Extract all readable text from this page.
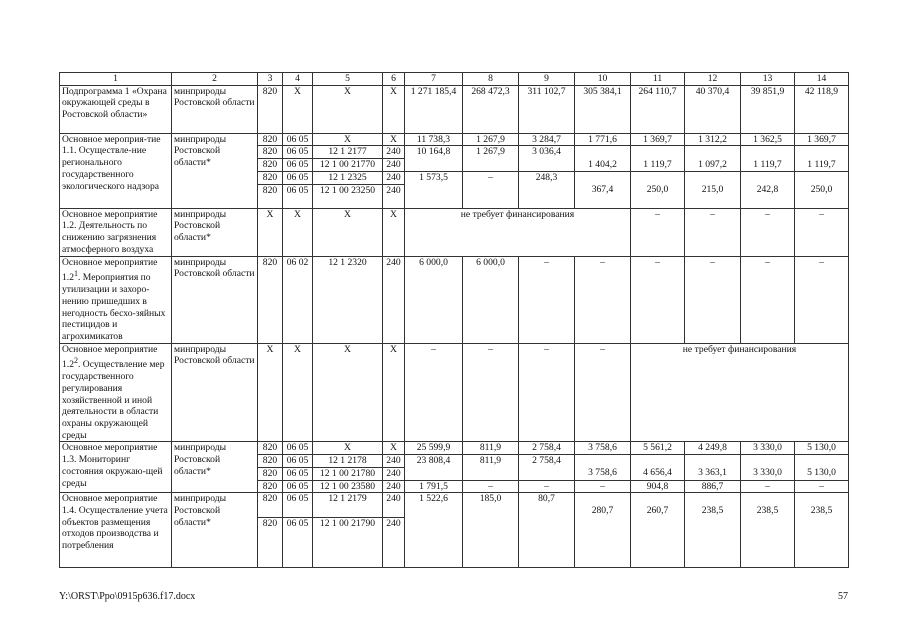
1	2	3	4	5	6	7	8	9	10	11	12	13	14
Подпрограмма 1 «Охрана окружающей среды в Ростовской области»	минприроды Ростовской области	820	Х	Х	Х	1 271 185,4	268 472,3	311 102,7	305 384,1	264 110,7	40 370,4	39 851,9	42 118,9
Основное мероприя-тие 1.1. Осуществле-ние регионального государственного экологического надзора	минприроды Ростовской области*	820	06 05	Х	Х	11 738,3	1 267,9	3 284,7	1 771,6	1 369,7	1 312,2	1 362,5	1 369,7
		820	06 05	12 1 2177	240	10 164,8	1 267,9	3 036,4					
		820	06 05	12 1 00 21770	240				1 404,2	1 119,7	1 097,2	1 119,7	1 119,7
		820	06 05	12 1 2325	240	1 573,5	–	248,3					
		820	06 05	12 1 00 23250	240				367,4	250,0	215,0	242,8	250,0
Основное мероприятие 1.2. Деятельность по снижению загрязнения атмосферного воздуха	минприроды Ростовской области*	Х	Х	Х	Х	не требует финансирования				–	–	–	–
Основное мероприятие $1.2^1$. Мероприятия по утилизации и захоро-нению пришедших в негодность бесхо-зяйных пестицидов и агрохимикатов	минприроды Ростовской области	820	06 02	12 1 2320	240	6 000,0	6 000,0	–	–	–	–	–	–
Основное мероприятие $1.2^2$. Осуществление мер государственного регулирования хозяйственной и иной деятельности в области охраны окружающей среды	минприроды Ростовской области	Х	Х	Х	Х	–	–	–	–	не требует финансирования			
Основное мероприятие 1.3. Мониторинг состояния окружаю-щей среды	минприроды Ростовской области*	820	06 05	Х	Х	25 599,9	811,9	2 758,4	3 758,6	5 561,2	4 249,8	3 330,0	5 130,0
		820	06 05	12 1 2178	240	23 808,4	811,9	2 758,4					
		820	06 05	12 1 00 21780	240				3 758,6	4 656,4	3 363,1	3 330,0	5 130,0
		820	06 05	12 1 00 23580	240	1 791,5	–	–	–	904,8	886,7	–	–
Основное мероприятие 1.4. Осуществление учета объектов размещения отходов производства и потребления	минприроды Ростовской области*	820	06 05	12 1 2179	240	1 522,6	185,0	80,7	280,7	260,7	238,5	238,5	238,5
		820	06 05	12 1 00 21790	240								
Y:\ORST\Ppo\0915p636.f17.docx	57
